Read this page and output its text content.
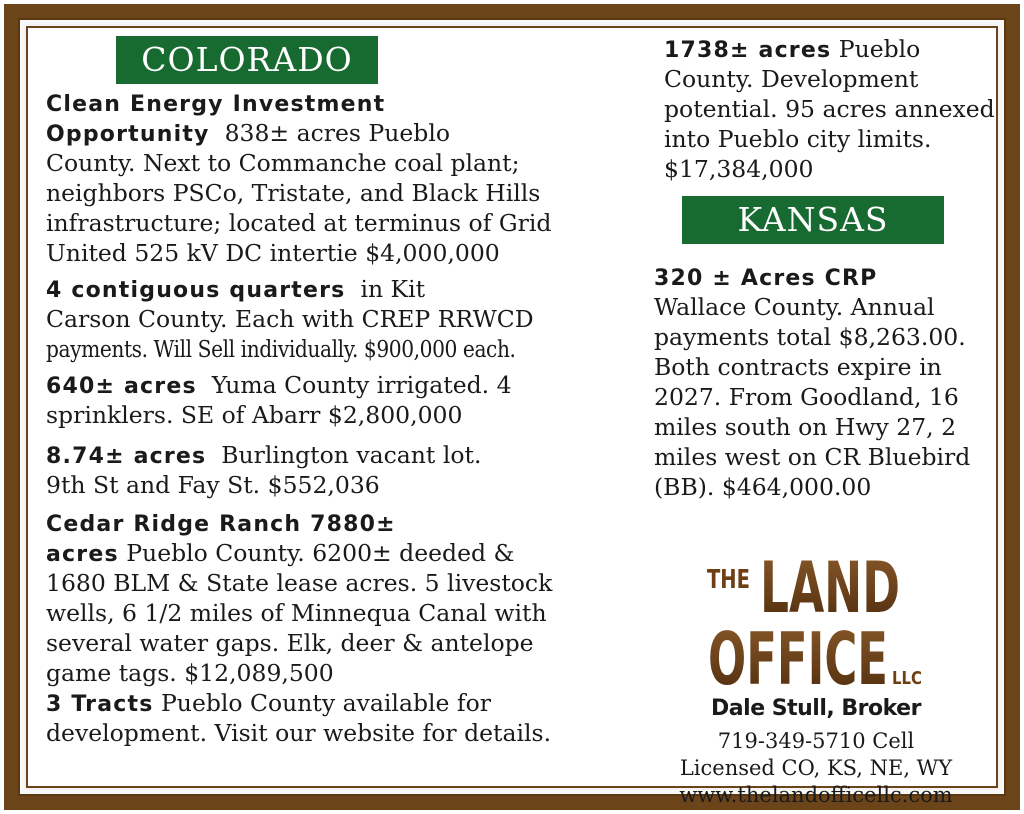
COLORADO
Clean Energy Investment
Opportunity 838± acres Pueblo
County. Next to Commanche coal plant;
neighbors PSCo, Tristate, and Black Hills
infrastructure; located at terminus of Grid
United 525 kV DC intertie $4,000,000
4 contiguous quarters in Kit
Carson County. Each with CREP RRWCD
payments. Will Sell individually. $900,000 each.
640± acres Yuma County irrigated. 4
sprinklers. SE of Abarr $2,800,000
8.74± acres Burlington vacant lot.
9th St and Fay St. $552,036
Cedar Ridge Ranch 7880±
acres Pueblo County. 6200± deeded &
1680 BLM & State lease acres. 5 livestock
wells, 6 1/2 miles of Minnequa Canal with
several water gaps. Elk, deer & antelope
game tags. $12,089,500
3 Tracts Pueblo County available for
development. Visit our website for details.
1738± acres Pueblo
County. Development
potential. 95 acres annexed
into Pueblo city limits.
$17,384,000
KANSAS
320 ± Acres CRP
Wallace County. Annual
payments total $8,263.00.
Both contracts expire in
2027. From Goodland, 16
miles south on Hwy 27, 2
miles west on CR Bluebird
(BB). $464,000.00
THE LAND
OFFICE LLC
Dale Stull, Broker
719-349-5710 Cell
Licensed CO, KS, NE, WY
www.thelandofficellc.com
